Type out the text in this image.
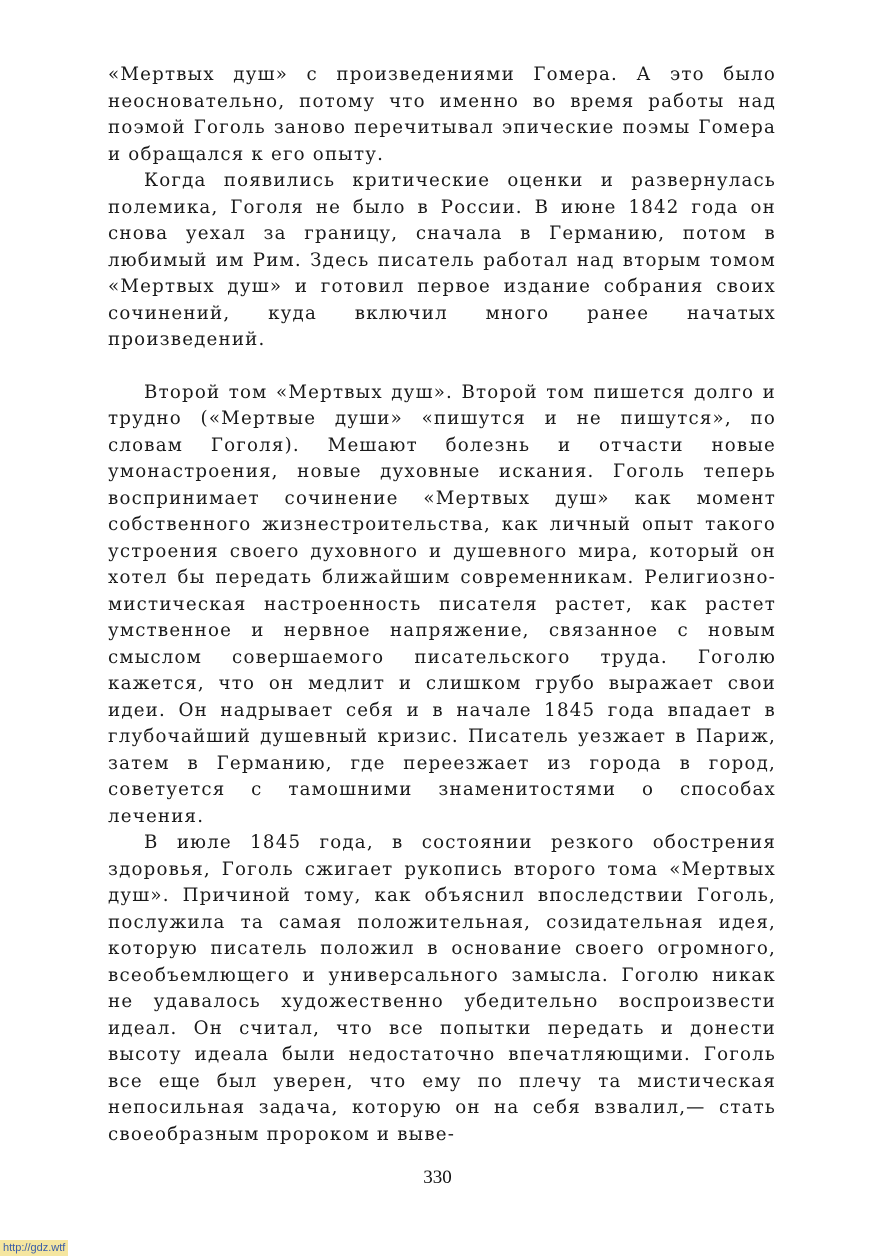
«Мертвых душ» с произведениями Гомера. А это было неосновательно, потому что именно во время работы над поэмой Гоголь заново перечитывал эпические поэмы Гомера и обращался к его опыту.

Когда появились критические оценки и развернулась полемика, Гоголя не было в России. В июне 1842 года он снова уехал за границу, сначала в Германию, потом в любимый им Рим. Здесь писатель работал над вторым томом «Мертвых душ» и готовил первое издание собрания своих сочинений, куда включил много ранее начатых произведений.

Второй том «Мертвых душ». Второй том пишется долго и трудно («Мертвые души» «пишутся и не пишутся», по словам Гоголя). Мешают болезнь и отчасти новые умонастроения, новые духовные искания. Гоголь теперь воспринимает сочинение «Мертвых душ» как момент собственного жизнестроительства, как личный опыт такого устроения своего духовного и душевного мира, который он хотел бы передать ближайшим современникам. Религиозно-мистическая настроенность писателя растет, как растет умственное и нервное напряжение, связанное с новым смыслом совершаемого писательского труда. Гоголю кажется, что он медлит и слишком грубо выражает свои идеи. Он надрывает себя и в начале 1845 года впадает в глубочайший душевный кризис. Писатель уезжает в Париж, затем в Германию, где переезжает из города в город, советуется с тамошними знаменитостями о способах лечения.

В июле 1845 года, в состоянии резкого обострения здоровья, Гоголь сжигает рукопись второго тома «Мертвых душ». Причиной тому, как объяснил впоследствии Гоголь, послужила та самая положительная, созидательная идея, которую писатель положил в основание своего огромного, всеобъемлющего и универсального замысла. Гоголю никак не удавалось художественно убедительно воспроизвести идеал. Он считал, что все попытки передать и донести высоту идеала были недостаточно впечатляющими. Гоголь все еще был уверен, что ему по плечу та мистическая непосильная задача, которую он на себя взвалил,— стать своеобразным пророком и выве-

330
http://gdz.wtf
